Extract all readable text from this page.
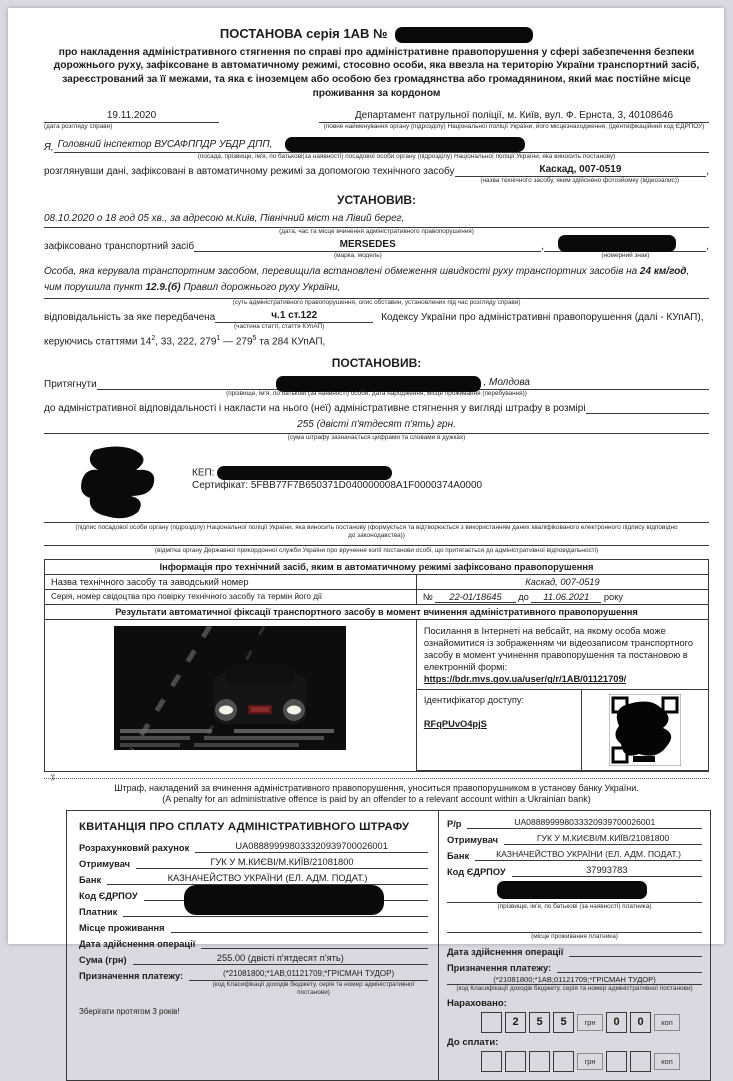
ПОСТАНОВА серія 1АВ №
про накладення адміністративного стягнення по справі про адміністративне правопорушення у сфері забезпечення безпеки дорожнього руху, зафіксоване в автоматичному режимі, стосовно особи, яка ввезла на територію України транспортний засіб, зареєстрований за її межами, та яка є іноземцем або особою без громадянства або громадянином, який має постійне місце проживання за кордоном
19.11.2020
(дата розгляду справи)
Департамент патрульної поліції, м. Київ, вул. Ф. Ернста, 3, 40108646
(повне найменування органу (підрозділу) Національної поліції України, його місцезнаходження, (ідентифікаційний код ЄДРПОУ)
Я, Головний інспектор ВУСАФППДР УБДР ДПП,
(посада, прізвище, ім'я, по батькові(за наявності) посадової особи органу (підрозділу) Національної поліції України, яка виносить постанову)
розглянувши дані, зафіксовані в автоматичному режимі за допомогою технічного засобу	Каскад, 007-0519	,
(назва технічного засобу, яким здійснено фотозйомку (відеозапис))
УСТАНОВИВ:
08.10.2020 о 18 год 05 хв., за адресою м.Київ, Північний міст на Лівий берег,
(дата, час та місце вчинення адміністративного правопорушення)
зафіксовано транспортний засіб	MERSEDES	,	,
(марка, модель)	(номерний знак)
Особа, яка керувала транспортним засобом, перевищила встановлені обмеження швидкості руху транспортних засобів на 24 км/год, чим порушила пункт 12.9.(б) Правил дорожнього руху України,
(суть адміністративного правопорушення, опис обставин, установлених під час розгляду справи)
відповідальність за яке передбачена	ч.1 ст.122	Кодексу України про адміністративні правопорушення (далі - КУпАП),
(частина статті, стаття КУпАП)
керуючись статтями $14^2$, 33, 222, $279^1$ — $279^5$ та 284 КУпАП,
ПОСТАНОВИВ:
Притягнути	, Молдова
(прізвище, ім'я, по батькові (за наявності) особи, дата народження, місце проживання (перебування))
до адміністративної відповідальності і накласти на нього (неї) адміністративне стягнення у вигляді штрафу в розмірі
255 (двісті п'ятдесят п'ять) грн.
(сума штрафу зазначається цифрами та словами в дужках)
КЕП:
Сертифікат: 5FBB77F7B650371D040000008A1F0000374A0000
(підпис посадової особи органу (підрозділу) Національної поліції України, яка виносить постанову (формується та відтворюється з використанням даних кваліфікованого електронного підпису відповідно до законодавства))
(відмітка органу Державної прикордонної служби України про вручення копії постанови особі, що притягається до адміністративної відповідальності)
Інформація про технічний засіб, яким в автоматичному режимі зафіксовано правопорушення	
Назва технічного засобу та заводський номер	Каскад, 007-0519
Серія, номер свідоцтва про повірку технічного засобу та термін його дії	№ 22-01/18645 до 11.06.2021 року
Результати автоматичної фіксації транспортного засобу в момент вчинення адміністративного правопорушення	

Посилання в Інтернеті на вебсайт, на якому особа може ознайомитися із зображенням чи відеозаписом транспортного засобу в момент учинення правопорушення та постановою в електронній формі:
https://bdr.mvs.gov.ua/user/g/r/1AB/01121709/
Ідентифікатор доступу:
RFqPUvO4pjS
✂
Штраф, накладений за вчинення адміністративного правопорушення, уноситься правопорушником в установу банку України.
(A penalty for an administrative offence is paid by an offender to a relevant account within a Ukrainian bank)
КВИТАНЦІЯ ПРО СПЛАТУ АДМІНІСТРАТИВНОГО ШТРАФУ
Розрахунковий рахунок	UA088899998033320939700026001
Отримувач	ГУК У М.КИЄВІ/М.КИЇВ/21081800
Банк	КАЗНАЧЕЙСТВО УКРАЇНИ (ЕЛ. АДМ. ПОДАТ.)
Код ЄДРПОУ
Платник
Місце проживання
Дата здійснення операції
Сума (грн)	255.00 (двісті п'ятдесят п'ять)
Призначення платежу:	(*21081800;*1АВ;01121709;*ГРІСМАН ТУДОР)
(код Класифікації доходів бюджету, серія та номер адміністративної постанови)
Зберігати протягом 3 років!
Р/р	UA088899998033320939700026001
Отримувач	ГУК У М.КИЄВІ/М.КИЇВ/21081800
Банк	КАЗНАЧЕЙСТВО УКРАЇНИ (ЕЛ. АДМ. ПОДАТ.)
Код ЄДРПОУ	37993783
(прізвище, ім'я, по батькові (за наявності) платника)
(місце проживання платника)
Дата здійснення операції
Призначення платежу:
(*21081800;*1АВ;01121709;*ГРІСМАН ТУДОР)
(код Класифікації доходів бюджету, серія та номер адміністративної постанови)
Нараховано:
2	5	5	грн	0	0	коп
До сплати:
грн	коп
